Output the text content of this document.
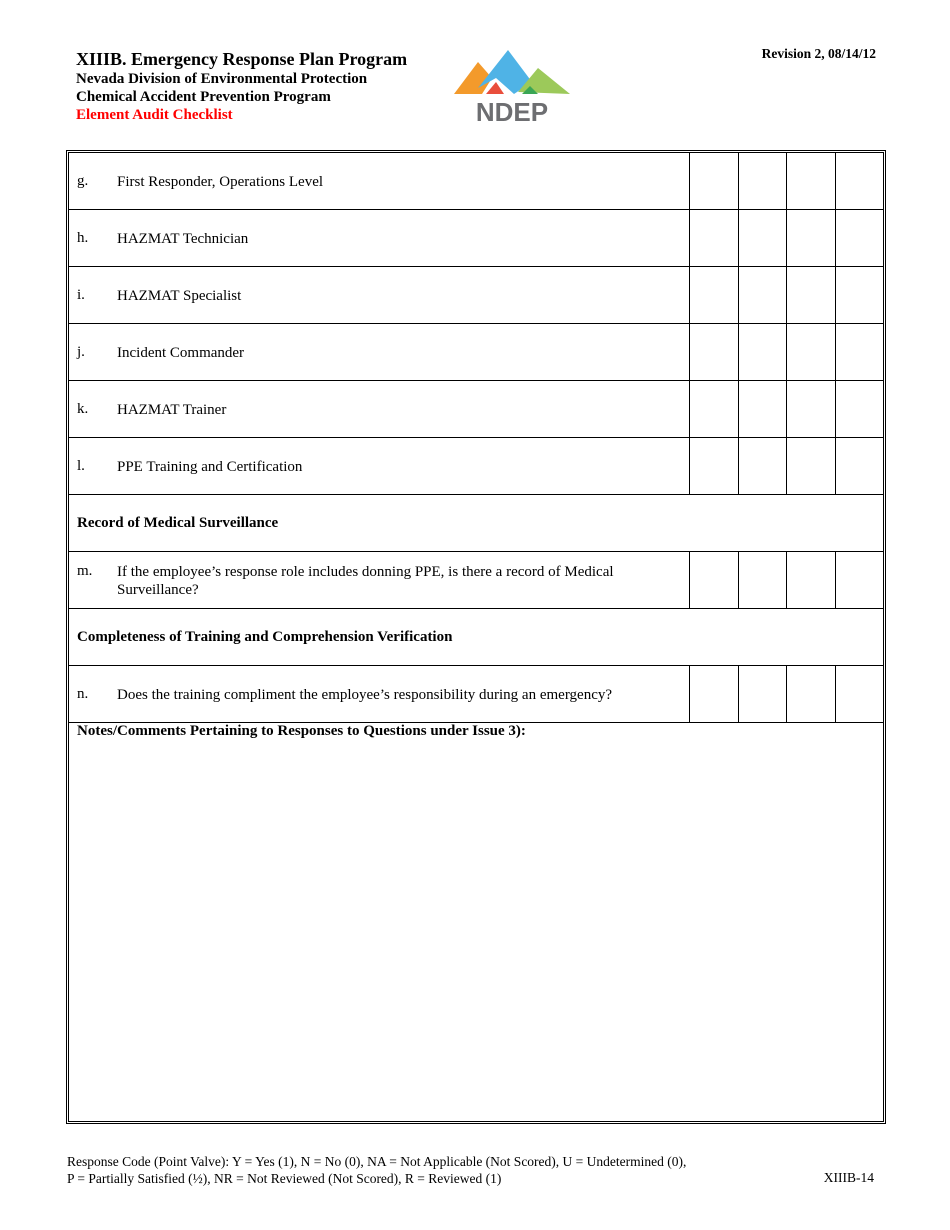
XIIIB. Emergency Response Plan Program
Nevada Division of Environmental Protection
Chemical Accident Prevention Program
Element Audit Checklist
Revision 2, 08/14/12
NDEP
g. First Responder, Operations Level
h. HAZMAT Technician
i. HAZMAT Specialist
j. Incident Commander
k. HAZMAT Trainer
l. PPE Training and Certification
Record of Medical Surveillance
m. If the employee’s response role includes donning PPE, is there a record of Medical Surveillance?
Completeness of Training and Comprehension Verification
n. Does the training compliment the employee’s responsibility during an emergency?
Notes/Comments Pertaining to Responses to Questions under Issue 3):
Response Code (Point Valve): Y = Yes (1), N = No (0), NA = Not Applicable (Not Scored), U = Undetermined (0),
P = Partially Satisfied (½), NR = Not Reviewed (Not Scored), R = Reviewed (1)	XIIIB-14
